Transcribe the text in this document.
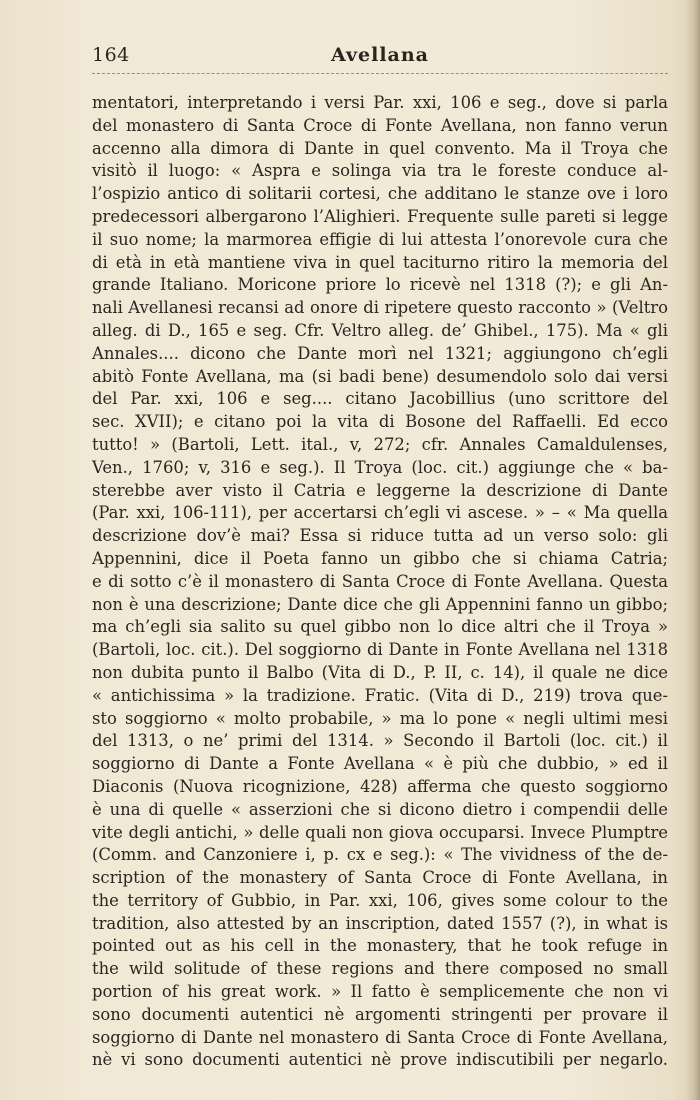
164	Avellana
mentatori, interpretando i versi Par. xxi, 106 e seg., dove si parla
del monastero di Santa Croce di Fonte Avellana, non fanno verun
accenno alla dimora di Dante in quel convento. Ma il Troya che
visitò il luogo: « Aspra e solinga via tra le foreste conduce al-
l’ospizio antico di solitarii cortesi, che additano le stanze ove i loro
predecessori albergarono l’Alighieri. Frequente sulle pareti si legge
il suo nome; la marmorea effigie di lui attesta l’onorevole cura che
di età in età mantiene viva in quel taciturno ritiro la memoria del
grande Italiano. Moricone priore lo ricevè nel 1318 (?); e gli An-
nali Avellanesi recansi ad onore di ripetere questo racconto » (Veltro
alleg. di D., 165 e seg. Cfr. Veltro alleg. de’ Ghibel., 175). Ma « gli
Annales.... dicono che Dante morì nel 1321; aggiungono ch’egli
abitò Fonte Avellana, ma (si badi bene) desumendolo solo dai versi
del Par. xxi, 106 e seg.... citano Jacobillius (uno scrittore del
sec. XVII); e citano poi la vita di Bosone del Raffaelli. Ed ecco
tutto! » (Bartoli, Lett. ital., v, 272; cfr. Annales Camaldulenses,
Ven., 1760; v, 316 e seg.). Il Troya (loc. cit.) aggiunge che « ba-
sterebbe aver visto il Catria e leggerne la descrizione di Dante
(Par. xxi, 106-111), per accertarsi ch’egli vi ascese. » – « Ma quella
descrizione dov’è mai? Essa si riduce tutta ad un verso solo: gli
Appennini, dice il Poeta fanno un gibbo che si chiama Catria;
e di sotto c’è il monastero di Santa Croce di Fonte Avellana. Questa
non è una descrizione; Dante dice che gli Appennini fanno un gibbo;
ma ch’egli sia salito su quel gibbo non lo dice altri che il Troya »
(Bartoli, loc. cit.). Del soggiorno di Dante in Fonte Avellana nel 1318
non dubita punto il Balbo (Vita di D., P. II, c. 14), il quale ne dice
« antichissima » la tradizione. Fratic. (Vita di D., 219) trova que-
sto soggiorno « molto probabile, » ma lo pone « negli ultimi mesi
del 1313, o ne’ primi del 1314. » Secondo il Bartoli (loc. cit.) il
soggiorno di Dante a Fonte Avellana « è più che dubbio, » ed il
Diaconis (Nuova ricognizione, 428) afferma che questo soggiorno
è una di quelle « asserzioni che si dicono dietro i compendii delle
vite degli antichi, » delle quali non giova occuparsi. Invece Plumptre
(Comm. and Canzoniere i, p. cx e seg.): « The vividness of the de-
scription of the monastery of Santa Croce di Fonte Avellana, in
the territory of Gubbio, in Par. xxi, 106, gives some colour to the
tradition, also attested by an inscription, dated 1557 (?), in what is
pointed out as his cell in the monastery, that he took refuge in
the wild solitude of these regions and there composed no small
portion of his great work. » Il fatto è semplicemente che non vi
sono documenti autentici nè argomenti stringenti per provare il
soggiorno di Dante nel monastero di Santa Croce di Fonte Avellana,
nè vi sono documenti autentici nè prove indiscutibili per negarlo.
